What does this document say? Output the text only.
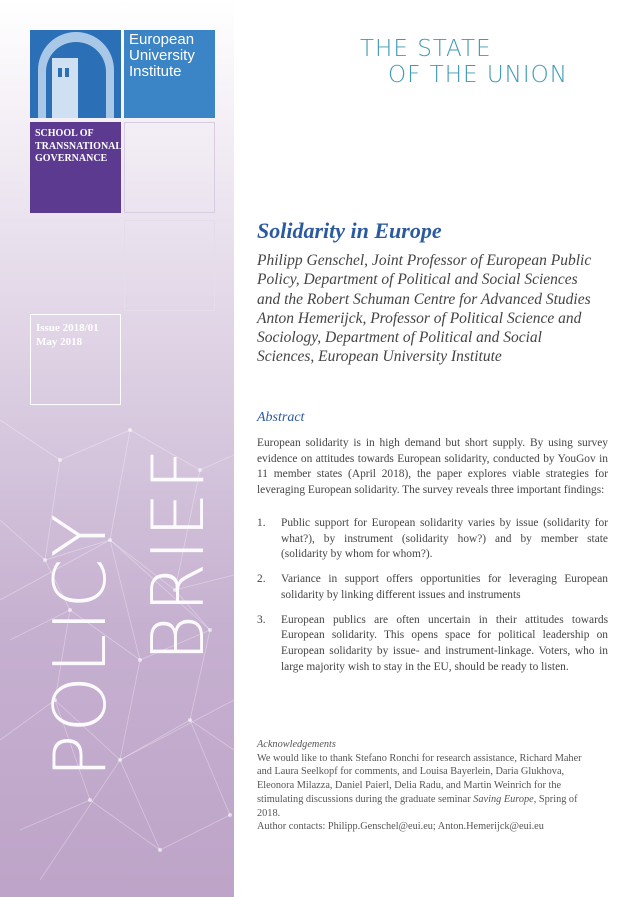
European
University
Institute
SCHOOL OF
TRANSNATIONAL
GOVERNANCE
Issue 2018/01
May 2018
POLICY BRIEF
THE STATE
OF THE UNION
Solidarity in Europe

Philipp Genschel, Joint Professor of European Public Policy, Department of Political and Social Sciences and the Robert Schuman Centre for Advanced Studies

Anton Hemerijck, Professor of Political Science and Sociology, Department of Political and Social Sciences, European University Institute

Abstract

European solidarity is in high demand but short supply. By using survey evidence on attitudes towards European solidarity, conducted by YouGov in 11 member states (April 2018), the paper explores viable strategies for leveraging European solidarity. The survey reveals three important findings:

1. Public support for European solidarity varies by issue (solidarity for what?), by instrument (solidarity how?) and by member state (solidarity by whom for whom?).
2. Variance in support offers opportunities for leveraging European solidarity by linking different issues and instruments
3. European publics are often uncertain in their attitudes towards European solidarity. This opens space for political leadership on European solidarity by issue- and instrument-linkage. Voters, who in large majority wish to stay in the EU, should be ready to listen.
Acknowledgements

We would like to thank Stefano Ronchi for research assistance, Richard Maher and Laura Seelkopf for comments, and Louisa Bayerlein, Daria Glukhova, Eleonora Milazza, Daniel Paierl, Delia Radu, and Martin Weinrich for the stimulating discussions during the graduate seminar Saving Europe, Spring of 2018.

Author contacts: Philipp.Genschel@eui.eu; Anton.Hemerijck@eui.eu
